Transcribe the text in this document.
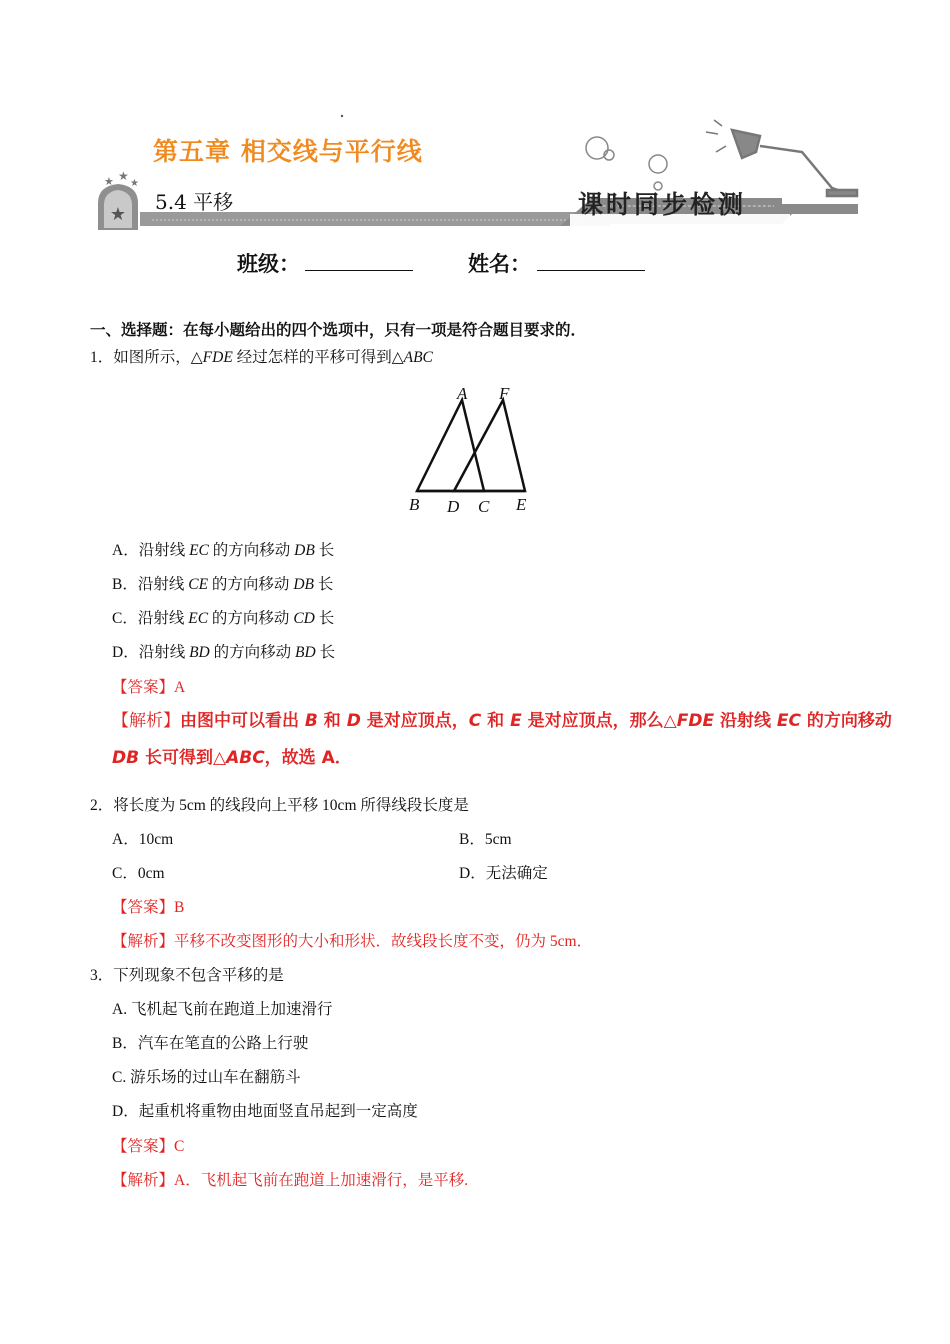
★
★ ★
★
第五章 相交线与平行线
5.4 平移	课时同步检测
班级：	姓名：
一、选择题：在每小题给出的四个选项中，只有一项是符合题目要求的．
1．如图所示，△FDE 经过怎样的平移可得到△ABC
A F
B D C E
A．沿射线 EC 的方向移动 DB 长
B．沿射线 CE 的方向移动 DB 长
C．沿射线 EC 的方向移动 CD 长
D．沿射线 BD 的方向移动 BD 长
【答案】A
【解析】由图中可以看出 B 和 D 是对应顶点，C 和 E 是对应顶点，那么△FDE 沿射线 EC 的方向移动
DB 长可得到△ABC，故选 A．
2．将长度为 5cm 的线段向上平移 10cm 所得线段长度是
A．10cm	B．5cm
C．0cm	D．无法确定
【答案】B
【解析】平移不改变图形的大小和形状．故线段长度不变，仍为 5cm．
3．下列现象不包含平移的是
A. 飞机起飞前在跑道上加速滑行
B．汽车在笔直的公路上行驶
C. 游乐场的过山车在翻筋斗
D．起重机将重物由地面竖直吊起到一定高度
【答案】C
【解析】A．飞机起飞前在跑道上加速滑行，是平移.
